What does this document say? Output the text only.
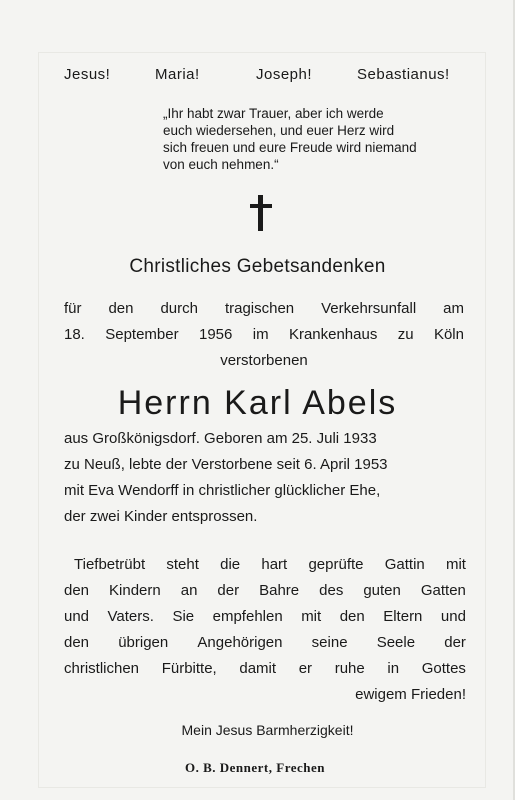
Jesus!	Maria!	Joseph!	Sebastianus!
„Ihr habt zwar Trauer, aber ich werde
euch wiedersehen, und euer Herz wird
sich freuen und eure Freude wird niemand
von euch nehmen.“
Christliches Gebetsandenken
für den durch tragischen Verkehrsunfall am
18. September 1956 im Krankenhaus zu Köln
verstorbenen
Herrn Karl Abels
aus Großkönigsdorf. Geboren am 25. Juli 1933
zu Neuß, lebte der Verstorbene seit 6. April 1953
mit Eva Wendorff in christlicher glücklicher Ehe,
der zwei Kinder entsprossen.
Tiefbetrübt steht die hart geprüfte Gattin mit
den Kindern an der Bahre des guten Gatten
und Vaters. Sie empfehlen mit den Eltern und
den übrigen Angehörigen seine Seele der
christlichen Fürbitte, damit er ruhe in Gottes
ewigem Frieden!
Mein Jesus Barmherzigkeit!
O. B. Dennert, Frechen
